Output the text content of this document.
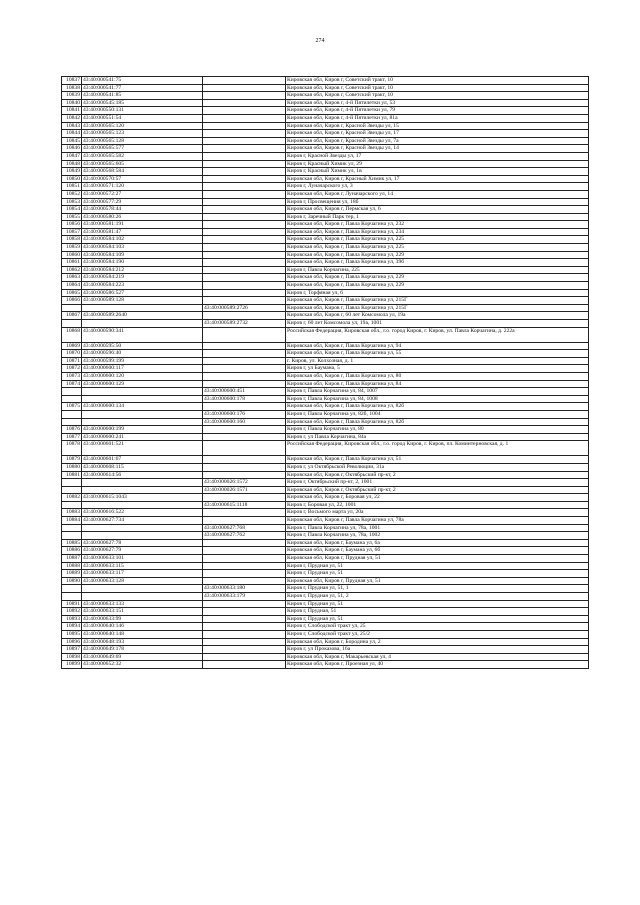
274
10837	43:40:000541:75		Кировская обл, Киров г, Советский тракт, 10
10838	43:40:000541:77		Кировская обл, Киров г, Советский тракт, 10
10839	43:40:000541:85		Кировская обл, Киров г, Советский тракт, 10
10840	43:40:000545:185		Кировская обл, Киров г, 4-й Пятилетки ул, 53
10841	43:40:000550:131		Кировская обл, Киров г, 4-й Пятилетки ул, 79
10842	43:40:000551:54		Кировская обл, Киров г, 4-й Пятилетки ул, 81а
10843	43:40:000565:120		Кировская обл, Киров г, Красной Звезды ул, 15
10844	43:40:000565:123		Кировская обл, Киров г, Красной Звезды ул, 17
10845	43:40:000565:128		Кировская обл, Киров г, Красной Звезды ул, 7а
10846	43:40:000565:577		Кировская обл, Киров г, Красной Звезды ул, 14
10847	43:40:000565:582		Киров г, Красной Звезды ул, 17
10848	43:40:000565:605		Киров г, Красный Химик ул, 29
10849	43:40:000568:584		Киров г, Красный Химик ул, 1в
10850	43:40:000570:57		Кировская обл, Киров г, Красный Химик ул, 17
10851	43:40:000571:120		Киров г, Луначарского ул, 3
10852	43:40:000572:27		Кировская обл, Киров г, Луначарского ул, 14
10853	43:40:000577:29		Киров г, Просвещения ул, 18б
10854	43:40:000578:44		Кировская обл, Киров г, Пермская ул, 6
10855	43:40:000580:26		Киров г, Заречный Парк тер, 1
10856	43:40:000581:191		Кировская обл, Киров г, Павла Корчагина ул, 232
10857	43:40:000581:47		Кировская обл, Киров г, Павла Корчагина ул, 234
10858	43:40:000584:102		Кировская обл, Киров г, Павла Корчагина ул, 225
10859	43:40:000584:103		Кировская обл, Киров г, Павла Корчагина ул, 225
10860	43:40:000584:109		Кировская обл, Киров г, Павла Корчагина ул, 229
10861	43:40:000584:190		Кировская обл, Киров г, Павла Корчагина ул, 39б
10862	43:40:000584:212		Киров г, Павла Корчагина, 225
10863	43:40:000584:219		Кировская обл, Киров г, Павла Корчагина ул, 229
10864	43:40:000584:223		Кировская обл, Киров г, Павла Корчагина ул, 229
10865	43:40:000586:527		Киров г, Торфяная ул, 6
10866	43:40:000589:128		Кировская обл, Киров г, Павла Корчагина ул, 215Г
		43:40:000589:2726	Кировская обл, Киров г, Павла Корчагина ул, 215Г
10867	43:40:000589:2640		Кировская обл, Киров г, 60 лет Комсомола ул, 19а
		43:40:000589:2732	Киров г, 60 лет Комсомола ул, 19а, 1001
10868	43:40:000590:341		Российская Федерация, Кировская обл., г.о. город Киров, г. Киров, ул. Павла Корчагина, д. 222а
10869	43:40:000595:50		Кировская обл, Киров г, Павла Корчагина ул, 94
10870	43:40:000596:40		Кировская обл, Киров г, Павла Корчагина ул, 55
10871	43:40:000599:199		г. Киров, ул. Колхозная, д. 1
10872	43:40:000600:117		Киров г, ул Баумана, 5
10873	43:40:000600:120		Кировская обл, Киров г, Павла Корчагина ул, 80
10874	43:40:000600:129		Кировская обл, Киров г, Павла Корчагина ул, 84
		43:40:000600:451	Киров г, Павла Корчагина ул, 84, 1007
		43:40:000600:178	Киров г, Павла Корчагина ул, 84, 1008
10875	43:40:000600:134		Кировская обл, Киров г, Павла Корчагина ул, 82б
		43:40:000600:176	Киров г, Павла Корчагина ул, 82б, 1004
		43:40:000600:160	Кировская обл, Киров г, Павла Корчагина ул, 82б
10876	43:40:000600:199		Киров г, Павла Корчагина ул, 80
10877	43:40:000600:241		Киров г, ул Павла Корчагина, 84а
10878	43:40:000601:521		Российская Федерация, Кировская обл., г.о. город Киров, г. Киров, пл. Коминтерновская, д. 1
10879	43:40:000601:67		Кировская обл, Киров г, Павла Корчагина ул, 51
10880	43:40:000608:115		Киров г, ул Октябрьской Революции, 31а
10881	43:40:000614:56		Кировская обл, Киров г, Октябрьский пр-кт, 2
		43:40:000026:1572	Киров г, Октябрьский пр-кт, 2, 1001
		43:40:000026:1571	Кировская обл, Киров г, Октябрьский пр-кт, 2
10882	43:40:000615:1043		Кировская обл, Киров г, Боровая ул, 22
		43:40:000615:1118	Киров г, Боровая ул, 22, 1001
10883	43:40:000616:522		Киров г, Восьмого марта ул, 20а
10884	43:40:000627:734		Кировская обл, Киров г, Павла Корчагина ул, 78а
		43:40:000627:768	Киров г, Павла Корчагина ул, 78а, 1001
		43:40:000627:762	Киров г, Павла Корчагина ул, 78а, 1002
10885	43:40:000627:78		Кировская обл, Киров г, Баумана ул, 6а
10886	43:40:000627:79		Кировская обл, Киров г, Баумана ул, 6б
10887	43:40:000633:101		Кировская обл, Киров г, Прудная ул, 51
10888	43:40:000633:115		Киров г, Прудная ул, 51
10889	43:40:000633:117		Киров г, Прудная ул, 51
10890	43:40:000633:128		Кировская обл, Киров г, Прудная ул, 51
		43:40:000633:180	Киров г, Прудная ул, 51, 1
		43:40:000633:179	Киров г, Прудная ул, 51, 2
10891	43:40:000633:133		Киров г, Прудная ул, 51
10892	43:40:000633:151		Киров г, Прудная, 51
10893	43:40:000633:99		Киров г, Прудная ул, 51
10894	43:40:000640:146		Киров г, Слободской тракт ул, 25
10895	43:40:000640:148		Киров г, Слободской тракт ул, 25/2
10896	43:40:000648:193		Кировская обл, Киров г, Бородина ул, 2
10897	43:40:000649:178		Киров г, ул Проказова, 16а
10898	43:40:000649:69		Кировская обл, Киров г, Макарьевская ул, 4
10899	43:40:000652:32		Кировская обл, Киров г, Проезная ул, 40
